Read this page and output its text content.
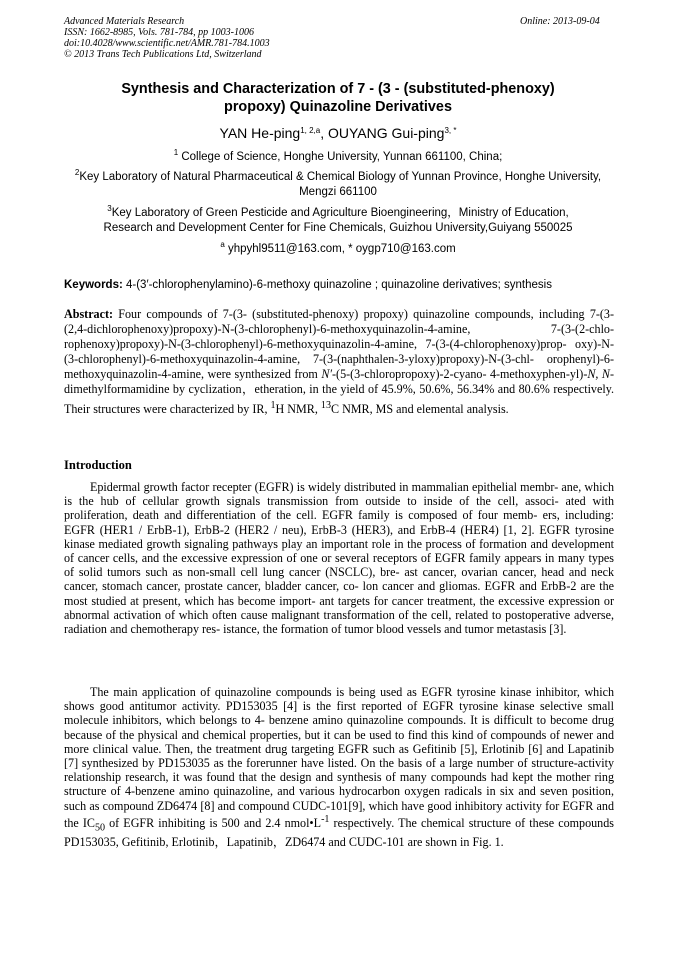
Advanced Materials Research
ISSN: 1662-8985, Vols. 781-784, pp 1003-1006
doi:10.4028/www.scientific.net/AMR.781-784.1003
© 2013 Trans Tech Publications Ltd, Switzerland
Online: 2013-09-04
Synthesis and Characterization of 7 - (3 - (substituted-phenoxy)
propoxy) Quinazoline Derivatives
YAN He-ping$^{1, 2,a}$, OUYANG Gui-ping$^{3, *}$
$^1$ College of Science, Honghe University, Yunnan 661100, China;
$^2$Key Laboratory of Natural Pharmaceutical & Chemical Biology of Yunnan Province, Honghe University, Mengzi 661100
$^3$Key Laboratory of Green Pesticide and Agriculture Bioengineering，Ministry of Education,
Research and Development Center for Fine Chemicals, Guizhou University,Guiyang 550025
$^a$ yhpyhl9511@163.com, * oygp710@163.com
Keywords: 4-(3′-chlorophenylamino)-6-methoxy quinazoline ; quinazoline derivatives; synthesis
Abstract: Four compounds of 7-(3- (substituted-phenoxy) propoxy) quinazoline compounds, including 7-(3-(2,4-dichlorophenoxy)propoxy)-N-(3-chlorophenyl)-6-methoxyquinazolin-4-amine, 7-(3-(2-chlo- rophenoxy)propoxy)-N-(3-chlorophenyl)-6-methoxyquinazolin-4-amine, 7-(3-(4-chlorophenoxy)prop- oxy)-N-(3-chlorophenyl)-6-methoxyquinazolin-4-amine, 7-(3-(naphthalen-3-yloxy)propoxy)-N-(3-chl- orophenyl)-6-methoxyquinazolin-4-amine, were synthesized from N′-(5-(3-chloropropoxy)-2-cyano- 4-methoxyphen-yl)-N, N-dimethylformamidine by cyclization，etheration, in the yield of 45.9%, 50.6%, 56.34% and 80.6% respectively. Their structures were characterized by IR, $^1$H NMR, $^{13}$C NMR, MS and elemental analysis.
Introduction
Epidermal growth factor recepter (EGFR) is widely distributed in mammalian epithelial membr- ane, which is the hub of cellular growth signals transmission from outside to inside of the cell, associ- ated with proliferation, death and differentiation of the cell. EGFR family is composed of four memb- ers, including: EGFR (HER1 / ErbB-1), ErbB-2 (HER2 / neu), ErbB-3 (HER3), and ErbB-4 (HER4) [1, 2]. EGFR tyrosine kinase mediated growth signaling pathways play an important role in the process of formation and development of cancer cells, and the excessive expression of one or several receptors of EGFR family appears in many types of solid tumors such as non-small cell lung cancer (NSCLC), bre- ast cancer, ovarian cancer, head and neck cancer, stomach cancer, prostate cancer, bladder cancer, co- lon cancer and gliomas. EGFR and ErbB-2 are the most studied at present, which has become import- ant targets for cancer treatment, the excessive expression or abnormal activation of which often cause malignant transformation of the cell, related to postoperative adverse, radiation and chemotherapy res- istance, the formation of tumor blood vessels and tumor metastasis [3].
The main application of quinazoline compounds is being used as EGFR tyrosine kinase inhibitor, which shows good antitumor activity. PD153035 [4] is the first reported of EGFR tyrosine kinase selective small molecule inhibitors, which belongs to 4- benzene amino quinazoline compounds. It is difficult to become drug because of the physical and chemical properties, but it can be used to find this kind of compounds of newer and more clinical value. Then, the treatment drug targeting EGFR such as Gefitinib [5], Erlotinib [6] and Lapatinib [7] synthesized by PD153035 as the forerunner have listed. On the basis of a large number of structure-activity relationship research, it was found that the design and synthesis of many compounds had kept the mother ring structure of 4-benzene amino quinazoline, and various hydrocarbon oxygen radicals in six and seven position, such as compound ZD6474 [8] and compound CUDC-101[9], which have good inhibitory activity for EGFR and the $IC_{50}$ of EGFR inhibiting is 500 and 2.4 $nmol•L^{-1}$ respectively. The chemical structure of these compounds PD153035, Gefitinib, Erlotinib，Lapatinib，ZD6474 and CUDC-101 are shown in Fig. 1.
